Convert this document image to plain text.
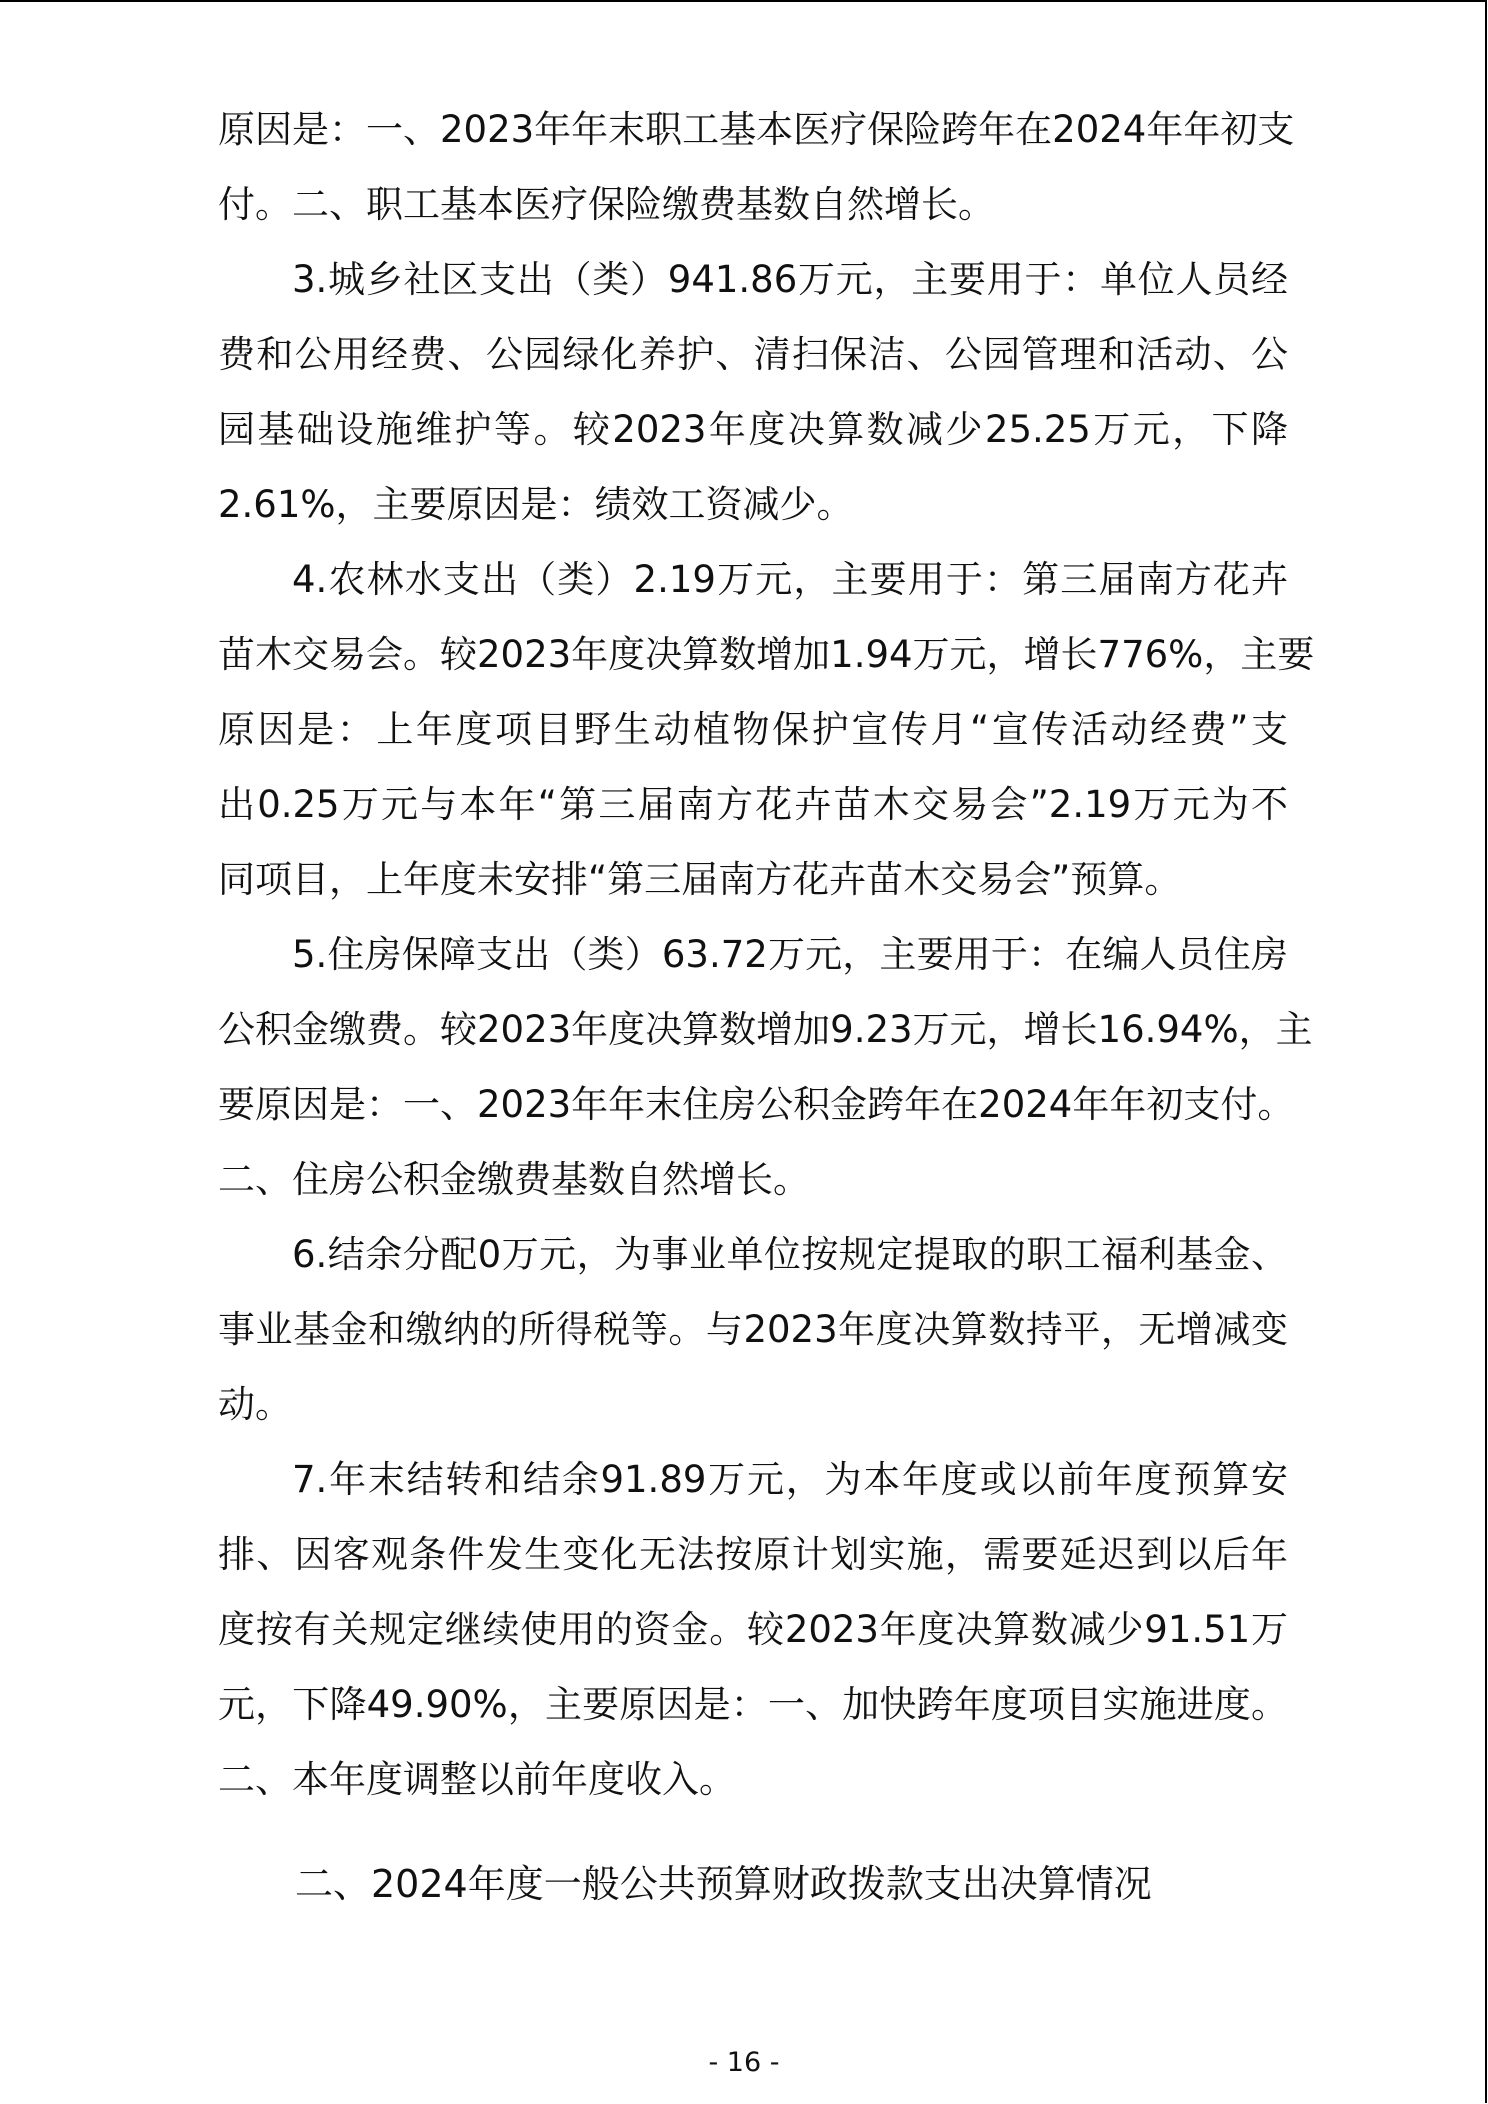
原因是：一、2023年年末职工基本医疗保险跨年在2024年年初支
付。二、职工基本医疗保险缴费基数自然增长。
3.城乡社区支出（类）941.86万元，主要用于：单位人员经
费和公用经费、公园绿化养护、清扫保洁、公园管理和活动、公
园基础设施维护等。较2023年度决算数减少25.25万元，下降
2.61%，主要原因是：绩效工资减少。
4.农林水支出（类）2.19万元，主要用于：第三届南方花卉
苗木交易会。较2023年度决算数增加1.94万元，增长776%，主要
原因是：上年度项目野生动植物保护宣传月“宣传活动经费”支
出0.25万元与本年“第三届南方花卉苗木交易会”2.19万元为不
同项目，上年度未安排“第三届南方花卉苗木交易会”预算。
5.住房保障支出（类）63.72万元，主要用于：在编人员住房
公积金缴费。较2023年度决算数增加9.23万元，增长16.94%，主
要原因是：一、2023年年末住房公积金跨年在2024年年初支付。
二、住房公积金缴费基数自然增长。
6.结余分配0万元，为事业单位按规定提取的职工福利基金、
事业基金和缴纳的所得税等。与2023年度决算数持平，无增减变
动。
7.年末结转和结余91.89万元，为本年度或以前年度预算安
排、因客观条件发生变化无法按原计划实施，需要延迟到以后年
度按有关规定继续使用的资金。较2023年度决算数减少91.51万
元，下降49.90%，主要原因是：一、加快跨年度项目实施进度。
二、本年度调整以前年度收入。
二、2024年度一般公共预算财政拨款支出决算情况
- 16 -
